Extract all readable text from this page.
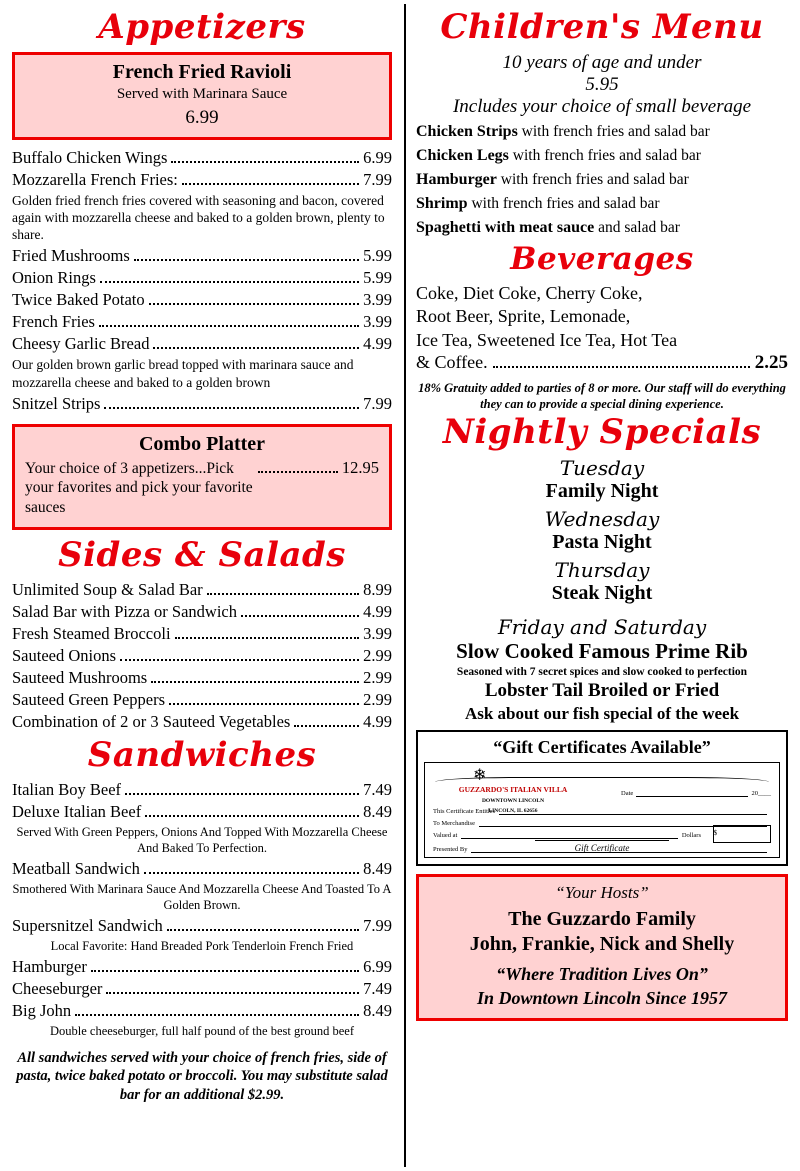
Appetizers
French Fried Ravioli
Served with Marinara Sauce
6.99
Buffalo Chicken Wings	6.99
Mozzarella French Fries:	7.99
Golden fried french fries covered with seasoning and bacon, covered again with mozzarella cheese and baked to a golden brown, plenty to share.
Fried Mushrooms	5.99
Onion Rings	5.99
Twice Baked Potato	3.99
French Fries	3.99
Cheesy Garlic Bread	4.99
Our golden brown garlic bread topped with marinara sauce and mozzarella cheese and baked to a golden brown
Snitzel Strips	7.99
Combo Platter
Your choice of 3 appetizers...Pick your favorites and pick your favorite sauces
12.95
Sides & Salads
Unlimited Soup & Salad Bar	8.99
Salad Bar with Pizza or Sandwich	4.99
Fresh Steamed Broccoli	3.99
Sauteed Onions	2.99
Sauteed Mushrooms	2.99
Sauteed Green Peppers	2.99
Combination of 2 or 3 Sauteed Vegetables	4.99
Sandwiches
Italian Boy Beef	7.49
Deluxe Italian Beef	8.49
Served With Green Peppers, Onions And Topped With Mozzarella Cheese And Baked To Perfection.
Meatball Sandwich	8.49
Smothered With Marinara Sauce And Mozzarella Cheese And Toasted To A Golden Brown.
Supersnitzel Sandwich	7.99
Local Favorite: Hand Breaded Pork Tenderloin French Fried
Hamburger	6.99
Cheeseburger	7.49
Big John	8.49
Double cheeseburger, full half pound of the best ground beef
All sandwiches served with your choice of french fries, side of pasta, twice baked potato or broccoli. You may substitute salad bar for an additional $2.99.
Children's Menu
10 years of age and under
5.95
Includes your choice of small beverage
Chicken Strips with french fries and salad bar
Chicken Legs with french fries and salad bar
Hamburger with french fries and salad bar
Shrimp with french fries and salad bar
Spaghetti with meat sauce and salad bar
Beverages
Coke, Diet Coke, Cherry Coke,
Root Beer, Sprite, Lemonade,
Ice Tea, Sweetened Ice Tea, Hot Tea
& Coffee.	2.25
18% Gratuity added to parties of 8 or more. Our staff will do everything they can to provide a special dining experience.
Nightly Specials
Tuesday
Family Night
Wednesday
Pasta Night
Thursday
Steak Night
Friday and Saturday
Slow Cooked Famous Prime Rib
Seasoned with 7 secret spices and slow cooked to perfection
Lobster Tail Broiled or Fried
Ask about our fish special of the week
“Gift Certificates Available”
❄
GUZZARDO'S ITALIAN VILLA
DOWNTOWN LINCOLN
LINCOLN, IL 62656
Date	20____
This Certificate Entitles
To Merchandise
Valued at	Dollars $
Presented By	Gift Certificate
“Your Hosts”
The Guzzardo Family
John, Frankie, Nick and Shelly
“Where Tradition Lives On”
In Downtown Lincoln Since 1957
